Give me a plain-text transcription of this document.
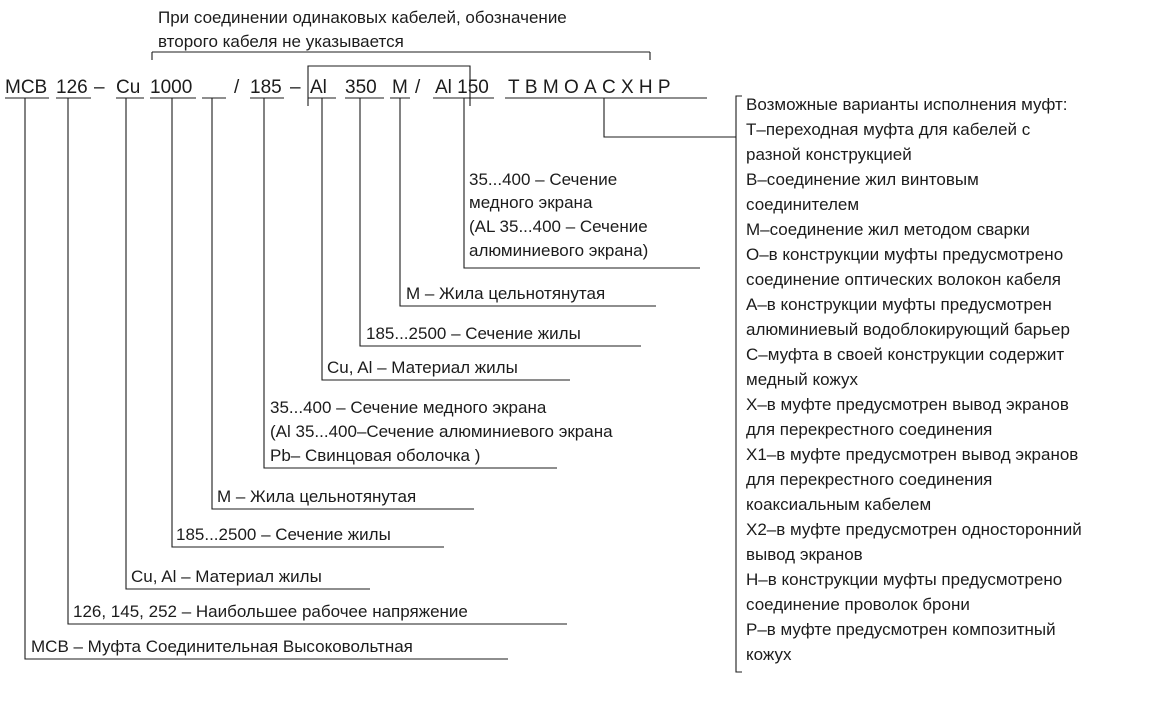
При соединении одинаковых кабелей, обозначение
второго кабеля не указывается
МСВ 126 – Cu 1000 / 185 – Al 350 М / Al 150 Т В М О А С Х Н Р
МСВ – Муфта Соединительная Высоковольтная
126, 145, 252 – Наибольшее рабочее напряжение
Cu, Al – Материал жилы
185...2500 – Сечение жилы
М – Жила цельнотянутая
35...400 – Сечение медного экрана
(Al 35...400–Сечение алюминиевого экрана
Pb– Свинцовая оболочка )
Cu, Al – Материал жилы
185...2500 – Сечение жилы
М – Жила цельнотянутая
35...400 – Сечение
медного экрана
(AL 35...400 – Сечение
алюминиевого экрана)
Возможные варианты исполнения муфт:
Т–переходная муфта для кабелей с
разной конструкцией
В–соединение жил винтовым
соединителем
М–соединение жил методом сварки
О–в конструкции муфты предусмотрено
соединение оптических волокон кабеля
А–в конструкции муфты предусмотрен
алюминиевый водоблокирующий барьер
С–муфта в своей конструкции содержит
медный кожух
Х–в муфте предусмотрен вывод экранов
для перекрестного соединения
Х1–в муфте предусмотрен вывод экранов
для перекрестного соединения
коаксиальным кабелем
Х2–в муфте предусмотрен односторонний
вывод экранов
Н–в конструкции муфты предусмотрено
соединение проволок брони
Р–в муфте предусмотрен композитный
кожух
